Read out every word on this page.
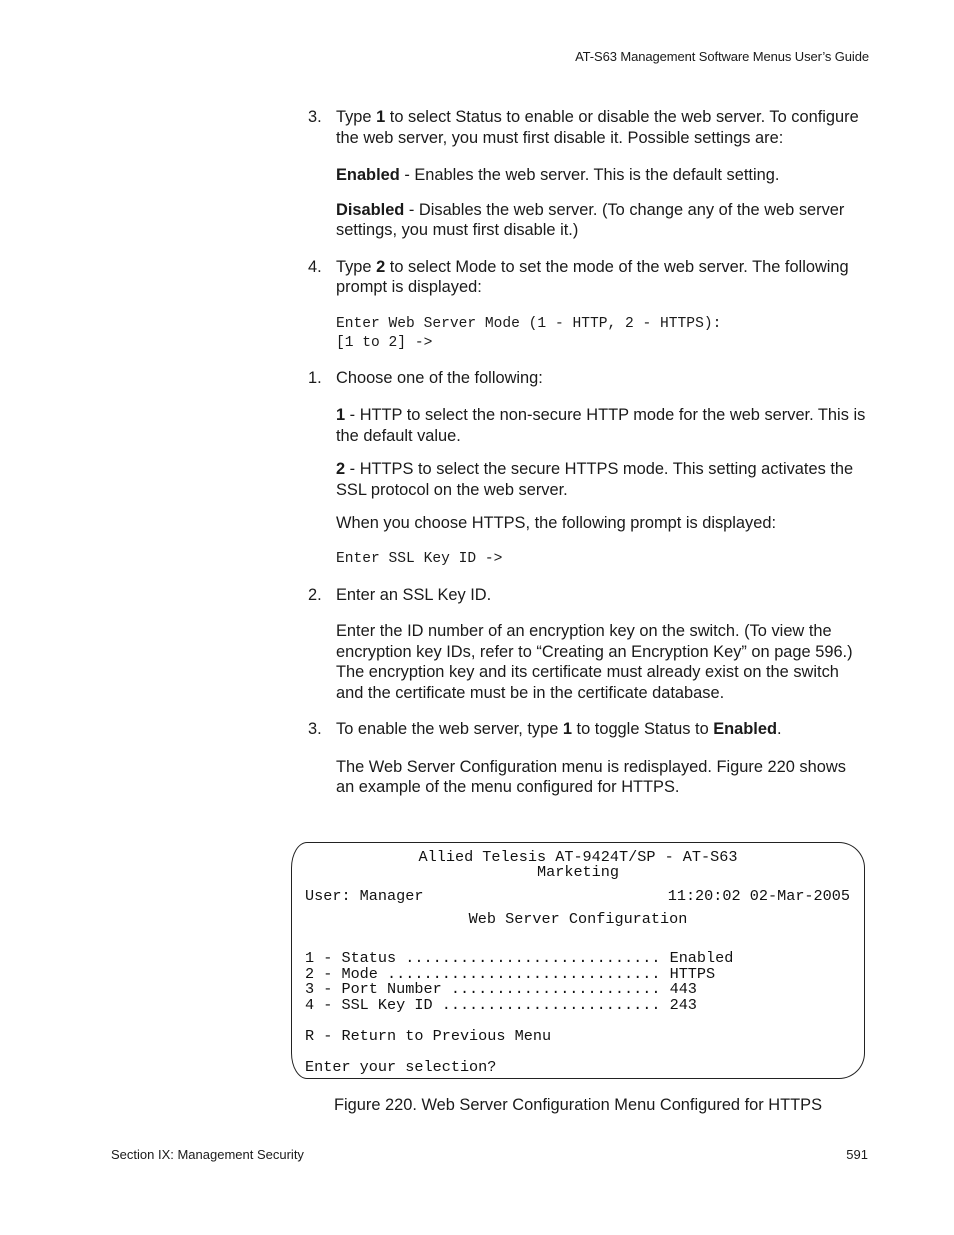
AT-S63 Management Software Menus User’s Guide

3. Type 1 to select Status to enable or disable the web server. To configure the web server, you must first disable it. Possible settings are:

Enabled - Enables the web server. This is the default setting.

Disabled - Disables the web server. (To change any of the web server settings, you must first disable it.)

4. Type 2 to select Mode to set the mode of the web server. The following prompt is displayed:

Enter Web Server Mode (1 - HTTP, 2 - HTTPS):
[1 to 2] ->

1. Choose one of the following:

1 - HTTP to select the non-secure HTTP mode for the web server. This is the default value.

2 - HTTPS to select the secure HTTPS mode. This setting activates the SSL protocol on the web server.

When you choose HTTPS, the following prompt is displayed:

Enter SSL Key ID ->

2. Enter an SSL Key ID.

Enter the ID number of an encryption key on the switch. (To view the encryption key IDs, refer to “Creating an Encryption Key” on page 596.) The encryption key and its certificate must already exist on the switch and the certificate must be in the certificate database.

3. To enable the web server, type 1 to toggle Status to Enabled.

The Web Server Configuration menu is redisplayed. Figure 220 shows an example of the menu configured for HTTPS.

Allied Telesis AT-9424T/SP - AT-S63
Marketing
User: Manager	11:20:02 02-Mar-2005
Web Server Configuration
1 - Status ............................ Enabled
2 - Mode .............................. HTTPS
3 - Port Number ....................... 443
4 - SSL Key ID ........................ 243
R - Return to Previous Menu
Enter your selection?
Figure 220. Web Server Configuration Menu Configured for HTTPS
Section IX: Management Security	591
